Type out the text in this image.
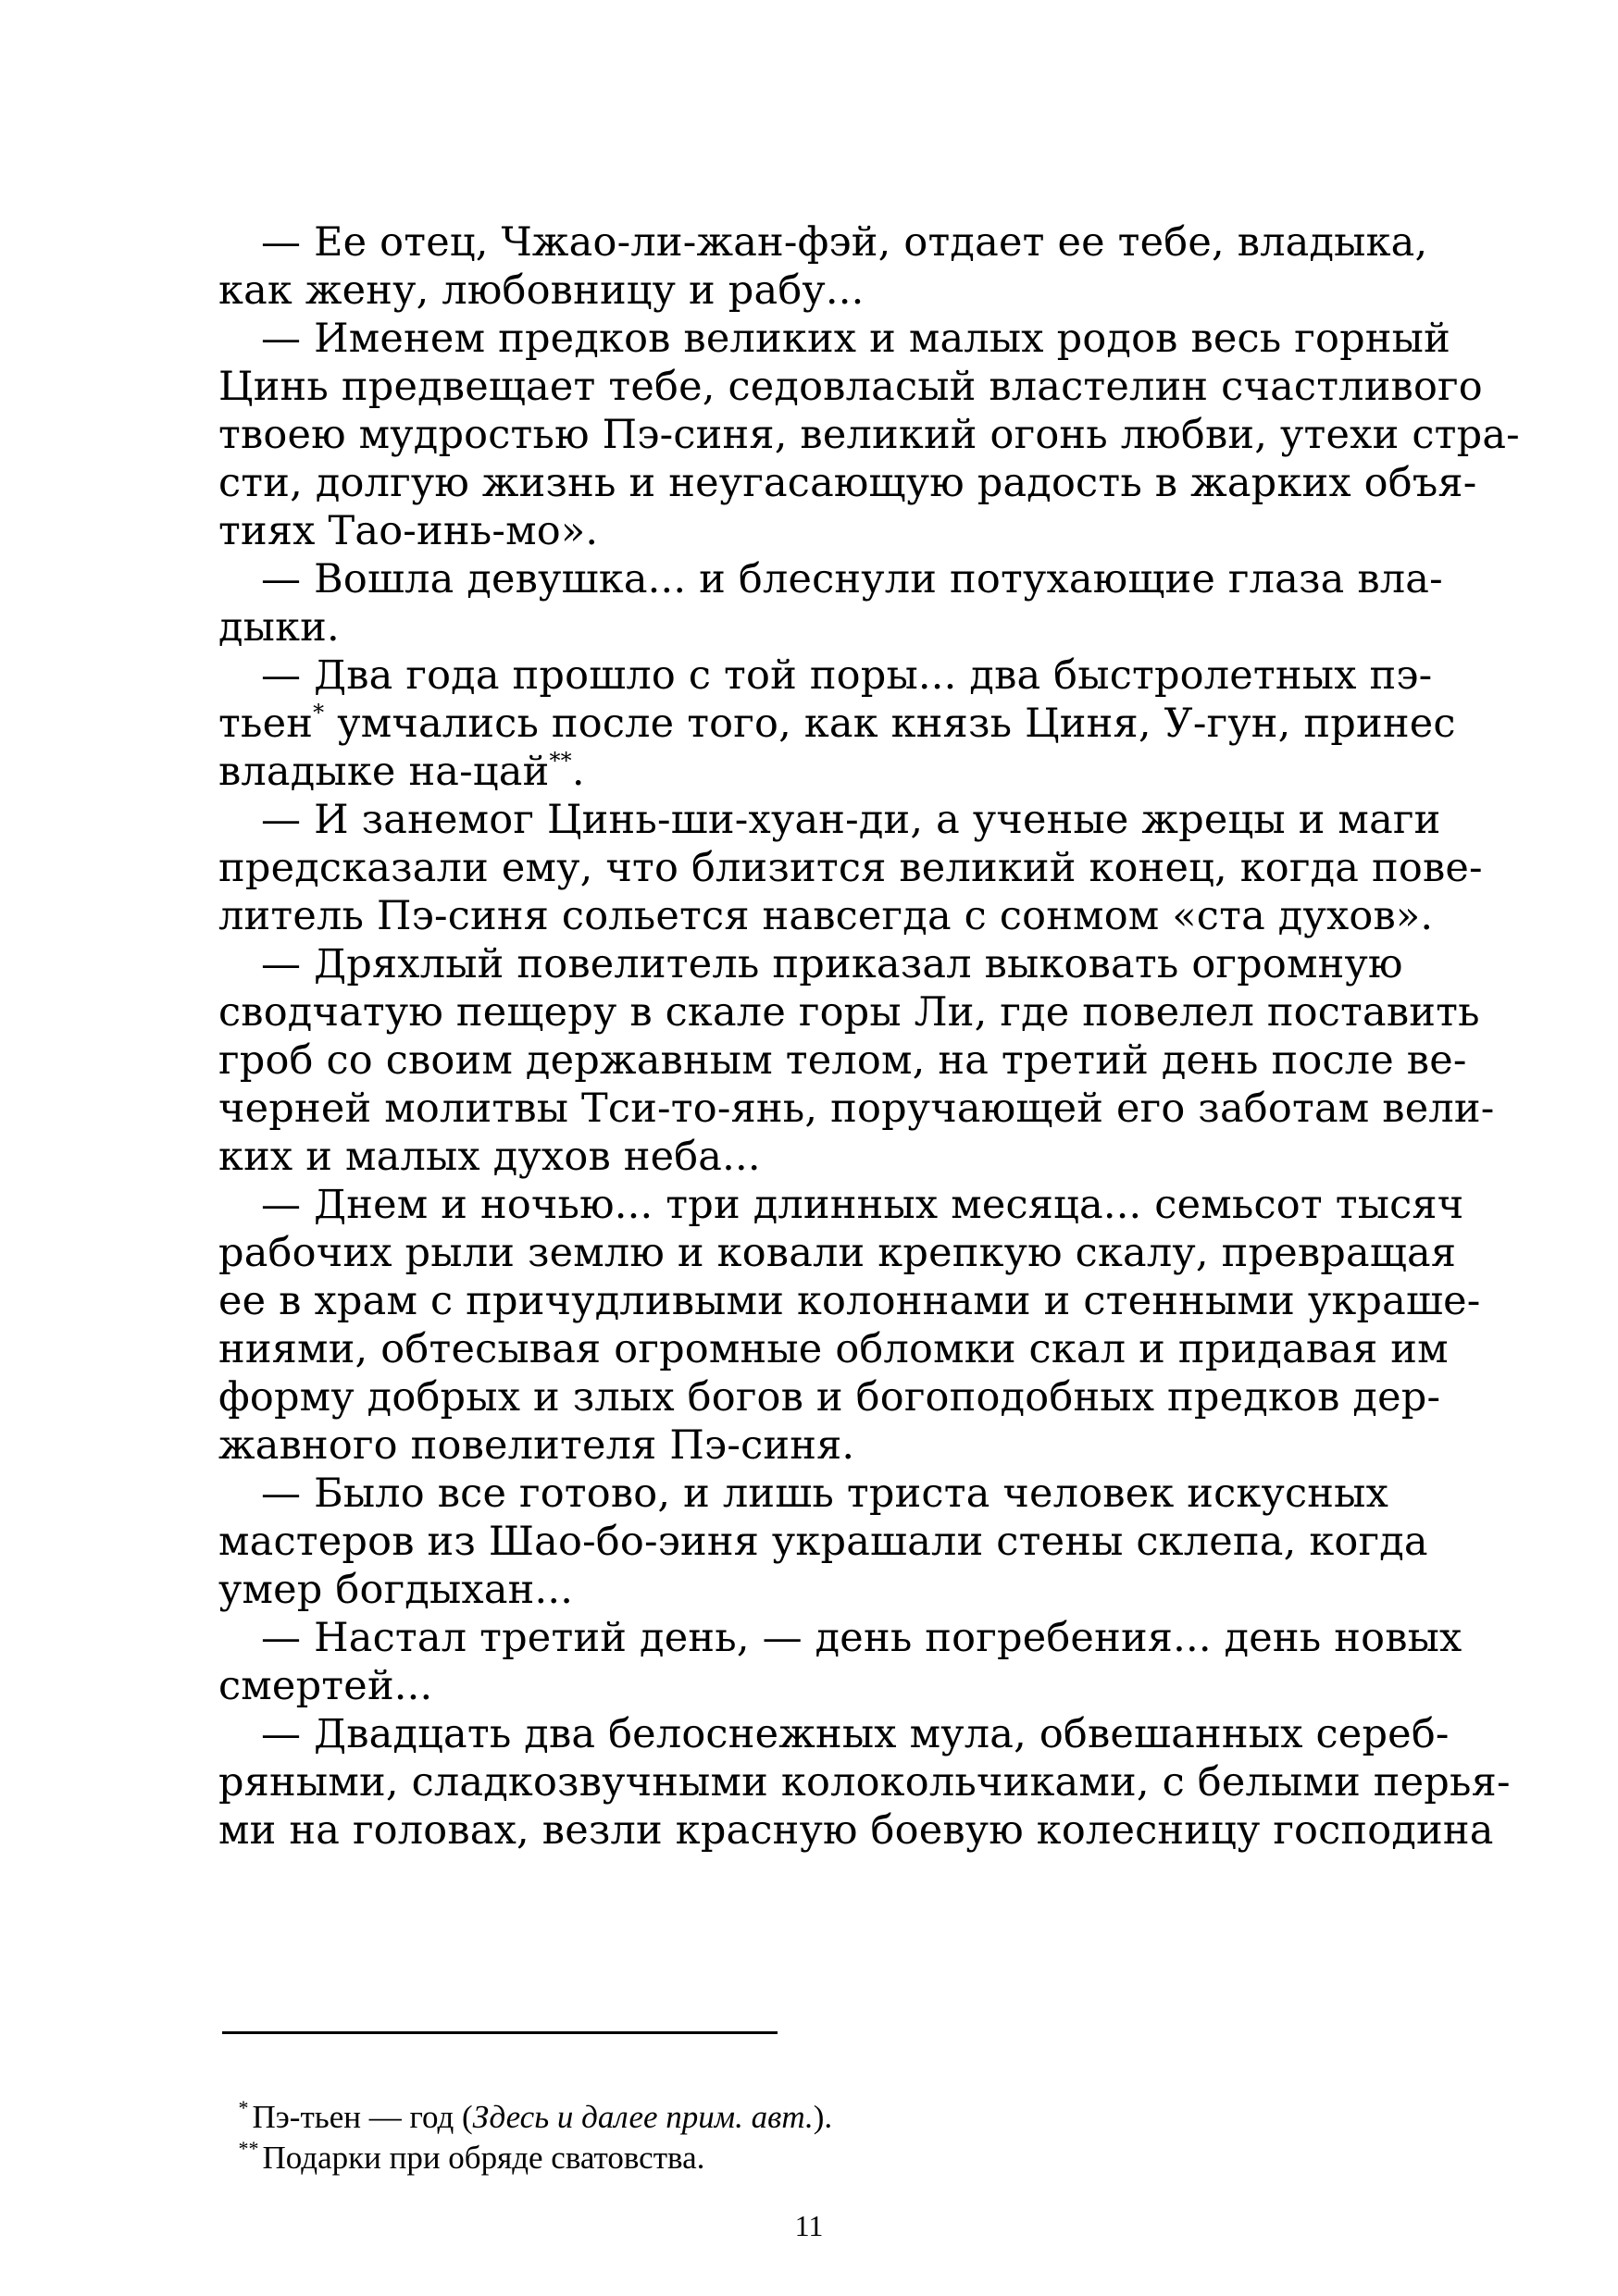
— Ее отец, Чжао-ли-жан-фэй, отдает ее тебе, владыка,
как жену, любовницу и рабу...
— Именем предков великих и малых родов весь горный
Цинь предвещает тебе, седовласый властелин счастливого
твоею мудростью Пэ-синя, великий огонь любви, утехи стра-
сти, долгую жизнь и неугасающую радость в жарких объя-
тиях Тао-инь-мо».
— Вошла девушка... и блеснули потухающие глаза вла-
дыки.
— Два года прошло с той поры... два быстролетных пэ-
тьен* умчались после того, как князь Циня, У-гун, принес
владыке на-цай**.
— И занемог Цинь-ши-хуан-ди, а ученые жрецы и маги
предсказали ему, что близится великий конец, когда пове-
литель Пэ-синя сольется навсегда с сонмом «ста духов».
— Дряхлый повелитель приказал выковать огромную
сводчатую пещеру в скале горы Ли, где повелел поставить
гроб со своим державным телом, на третий день после ве-
черней молитвы Тси-то-янь, поручающей его заботам вели-
ких и малых духов неба...
— Днем и ночью... три длинных месяца... семьсот тысяч
рабочих рыли землю и ковали крепкую скалу, превращая
ее в храм с причудливыми колоннами и стенными украше-
ниями, обтесывая огромные обломки скал и придавая им
форму добрых и злых богов и богоподобных предков дер-
жавного повелителя Пэ-синя.
— Было все готово, и лишь триста человек искусных
мастеров из Шао-бо-эиня украшали стены склепа, когда
умер богдыхан...
— Настал третий день, — день погребения... день новых
смертей...
— Двадцать два белоснежных мула, обвешанных сереб-
ряными, сладкозвучными колокольчиками, с белыми перья-
ми на головах, везли красную боевую колесницу господина

* Пэ-тьен — год (Здесь и далее прим. авт.).

** Подарки при обряде сватовства.

11
